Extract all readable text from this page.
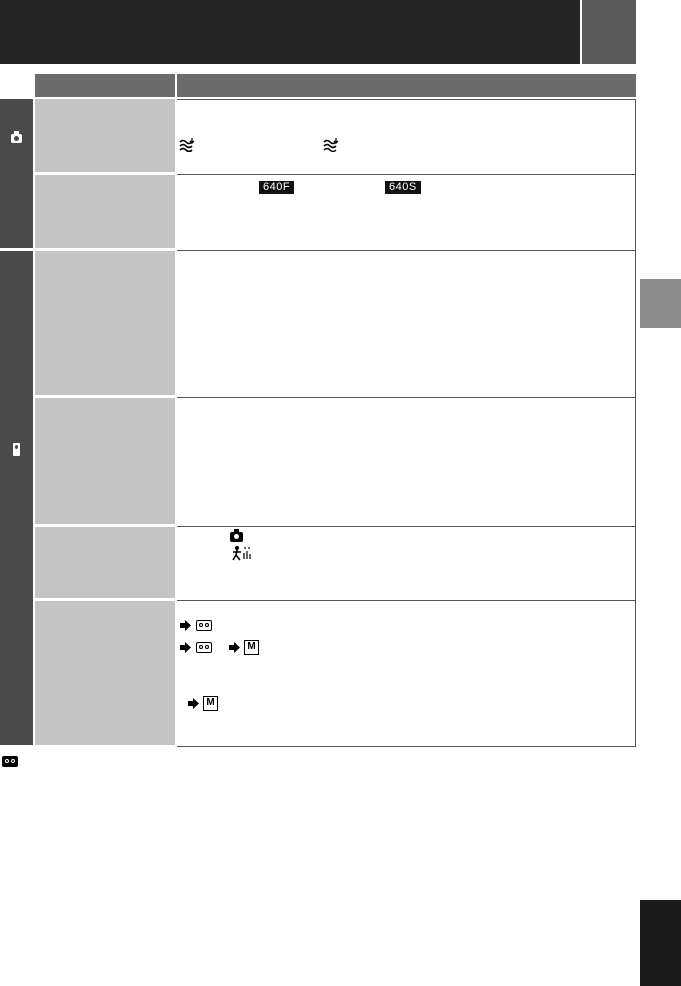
640F	640S
M
M
